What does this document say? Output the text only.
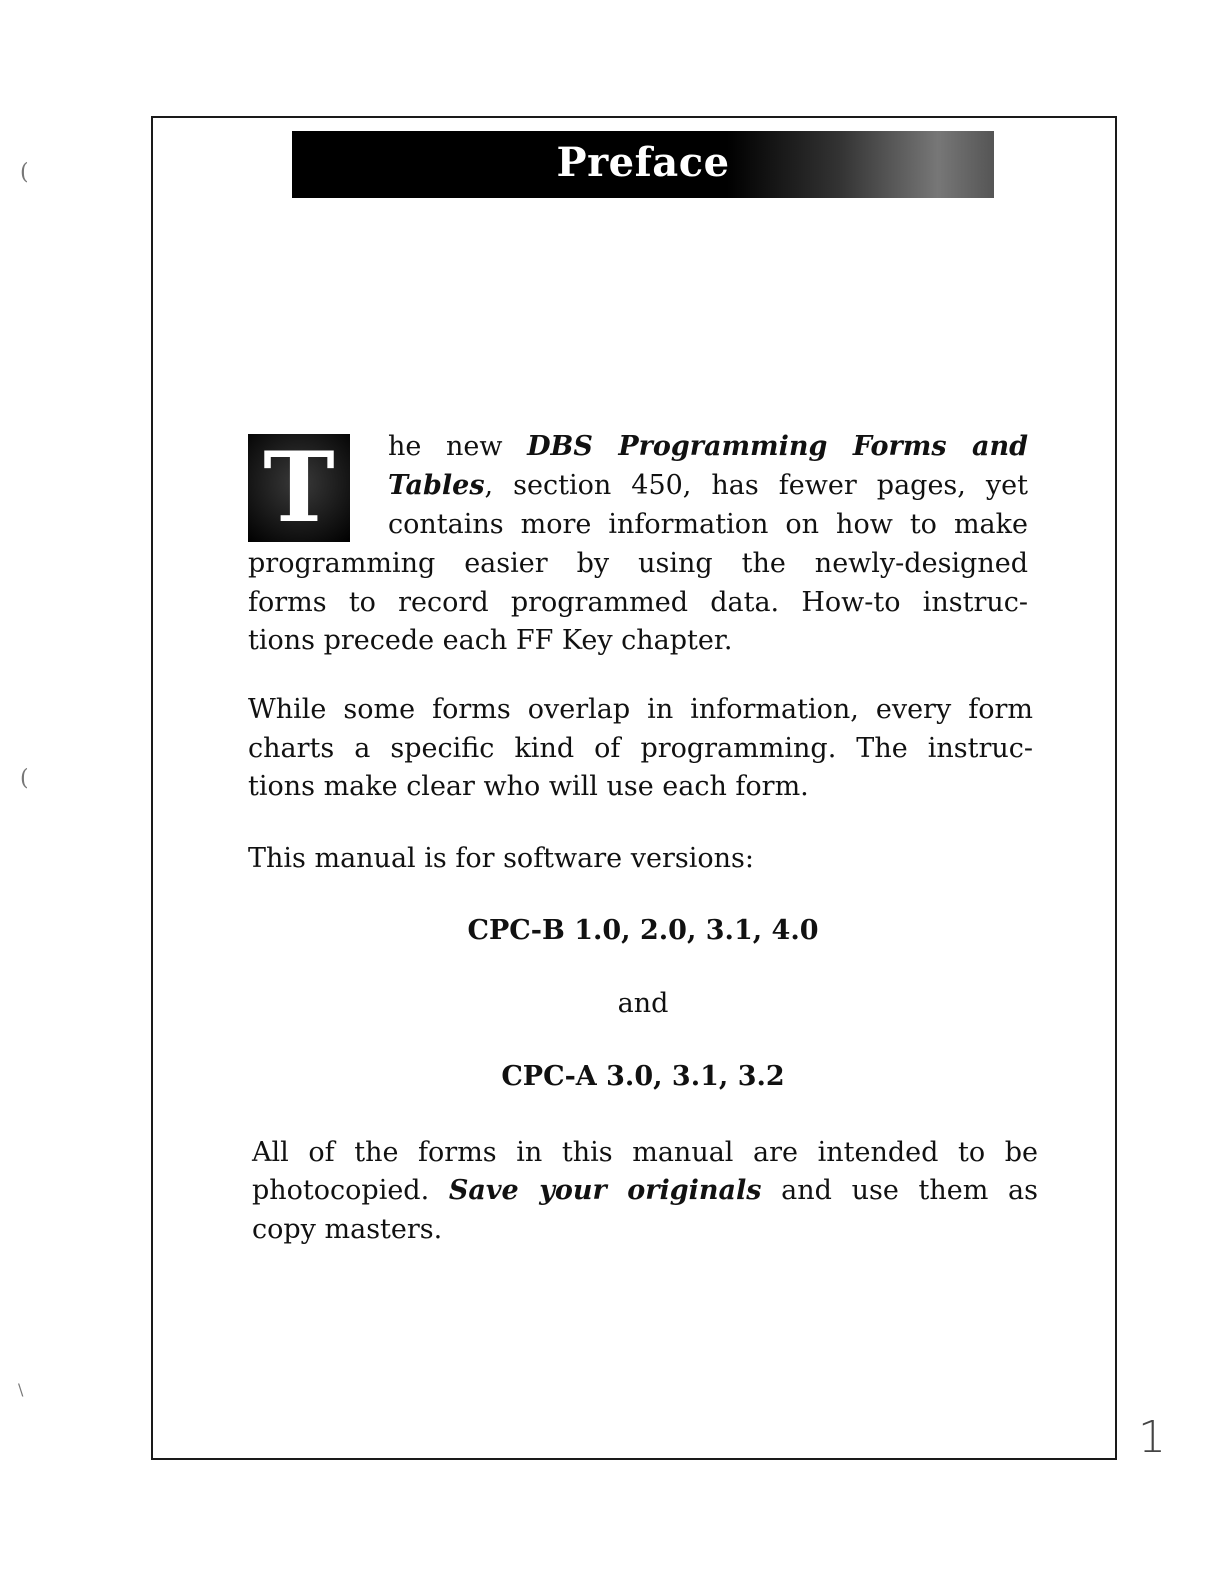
(
(
\
Preface
T	he new DBS Programming Forms and
Tables, section 450, has fewer pages, yet
contains more information on how to make
programming easier by using the newly-designed
forms to record programmed data. How-to instruc-
tions precede each FF Key chapter.
While some forms overlap in information, every form
charts a specific kind of programming. The instruc-
tions make clear who will use each form.
This manual is for software versions:
CPC-B 1.0, 2.0, 3.1, 4.0
and
CPC-A 3.0, 3.1, 3.2
All of the forms in this manual are intended to be
photocopied. Save your originals and use them as
copy masters.
1
